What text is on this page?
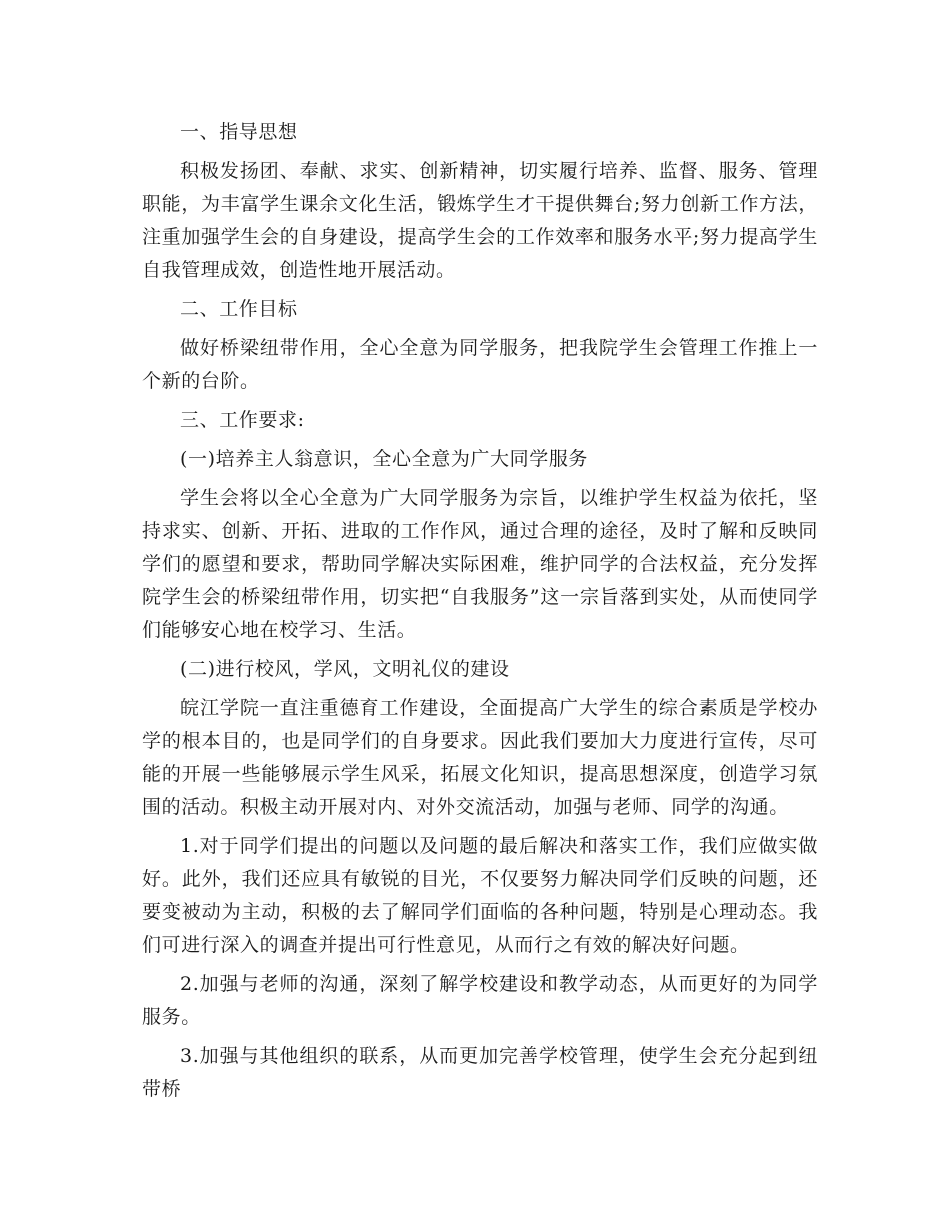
一、指导思想

积极发扬团、奉献、求实、创新精神，切实履行培养、监督、服务、管理职能，为丰富学生课余文化生活，锻炼学生才干提供舞台;努力创新工作方法，注重加强学生会的自身建设，提高学生会的工作效率和服务水平;努力提高学生自我管理成效，创造性地开展活动。

二、工作目标

做好桥梁纽带作用，全心全意为同学服务，把我院学生会管理工作推上一个新的台阶。

三、工作要求:

(一)培养主人翁意识，全心全意为广大同学服务

学生会将以全心全意为广大同学服务为宗旨，以维护学生权益为依托，坚持求实、创新、开拓、进取的工作作风，通过合理的途径，及时了解和反映同学们的愿望和要求，帮助同学解决实际困难，维护同学的合法权益，充分发挥院学生会的桥梁纽带作用，切实把“自我服务”这一宗旨落到实处，从而使同学们能够安心地在校学习、生活。

(二)进行校风，学风，文明礼仪的建设

皖江学院一直注重德育工作建设，全面提高广大学生的综合素质是学校办学的根本目的，也是同学们的自身要求。因此我们要加大力度进行宣传，尽可能的开展一些能够展示学生风采，拓展文化知识，提高思想深度，创造学习氛围的活动。积极主动开展对内、对外交流活动，加强与老师、同学的沟通。

1.对于同学们提出的问题以及问题的最后解决和落实工作，我们应做实做好。此外，我们还应具有敏锐的目光，不仅要努力解决同学们反映的问题，还要变被动为主动，积极的去了解同学们面临的各种问题，特别是心理动态。我们可进行深入的调查并提出可行性意见，从而行之有效的解决好问题。

2.加强与老师的沟通，深刻了解学校建设和教学动态，从而更好的为同学服务。

3.加强与其他组织的联系，从而更加完善学校管理，使学生会充分起到纽带桥
